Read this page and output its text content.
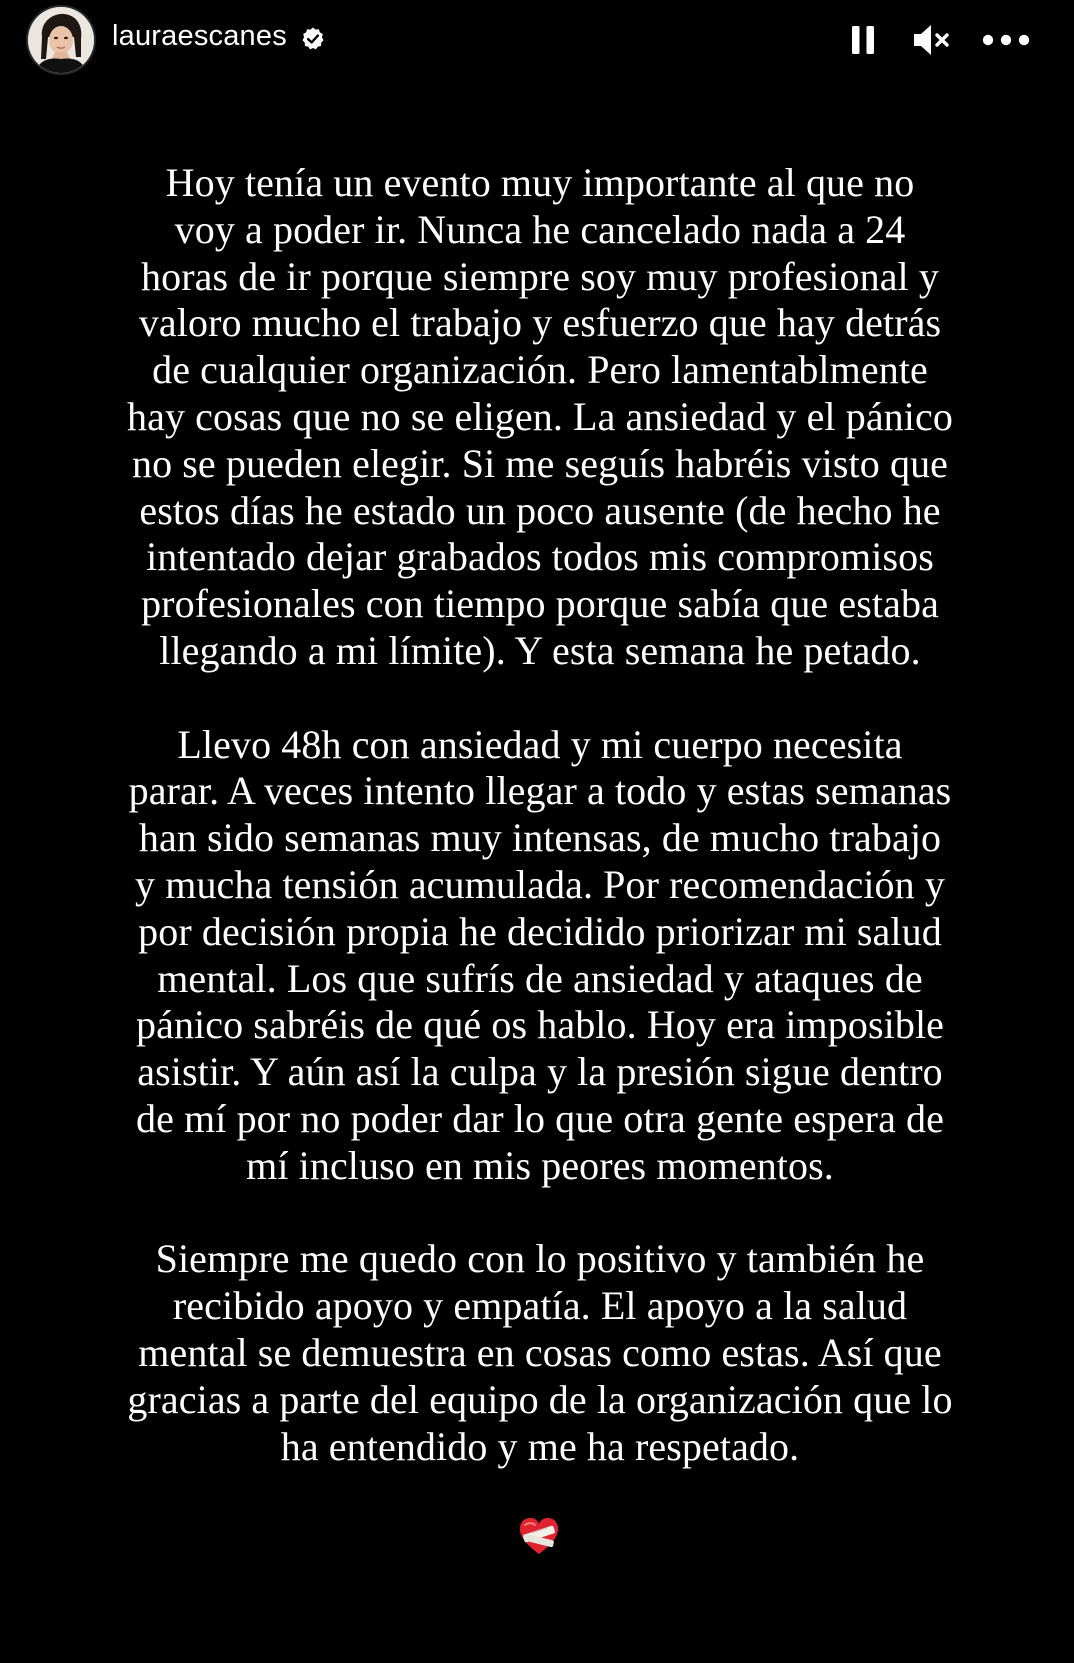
lauraescanes

Hoy tenía un evento muy importante al que no
voy a poder ir. Nunca he cancelado nada a 24
horas de ir porque siempre soy muy profesional y
valoro mucho el trabajo y esfuerzo que hay detrás
de cualquier organización. Pero lamentablmente
hay cosas que no se eligen. La ansiedad y el pánico
no se pueden elegir. Si me seguís habréis visto que
estos días he estado un poco ausente (de hecho he
intentado dejar grabados todos mis compromisos
profesionales con tiempo porque sabía que estaba
llegando a mi límite). Y esta semana he petado.

Llevo 48h con ansiedad y mi cuerpo necesita
parar. A veces intento llegar a todo y estas semanas
han sido semanas muy intensas, de mucho trabajo
y mucha tensión acumulada. Por recomendación y
por decisión propia he decidido priorizar mi salud
mental. Los que sufrís de ansiedad y ataques de
pánico sabréis de qué os hablo. Hoy era imposible
asistir. Y aún así la culpa y la presión sigue dentro
de mí por no poder dar lo que otra gente espera de
mí incluso en mis peores momentos.

Siempre me quedo con lo positivo y también he
recibido apoyo y empatía. El apoyo a la salud
mental se demuestra en cosas como estas. Así que
gracias a parte del equipo de la organización que lo
ha entendido y me ha respetado.
